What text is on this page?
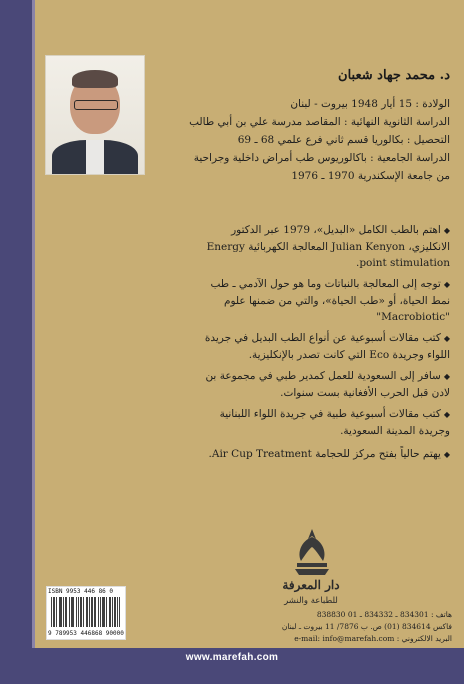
د. محمد جهاد شعبان
الولادة : 15 أيار 1948 بيروت - لبنان
الدراسة الثانوية النهائية : المقاصد مدرسة علي بن أبي طالب
التحصيل : بكالوريا قسم ثاني فرع علمي 68 ـ 69
الدراسة الجامعية : باكالوريوس طب أمراض داخلية وجراحية
من جامعة الإسكندرية 1970 ـ 1976
◆اهتم بالطب الكامل «البديل»، 1979 عبر الدكتور الانكليزي، Julian Kenyon المعالجة الكهربائية Energy point stimulation.
◆توجه إلى المعالجة بالنباتات وما هو حول الآدمي ـ طب نمط الحياة، أو «طب الحياة»، والتي من ضمنها علوم "Macrobiotic"
◆كتب مقالات أسبوعية عن أنواع الطب البديل في جريدة اللواء وجريدة Eco التي كانت تصدر بالإنكليزية.
◆سافر إلى السعودية للعمل كمدير طبي في مجموعة بن لادن قبل الحرب الأفغانية بست سنوات.
◆كتب مقالات أسبوعية طبية في جريدة اللواء اللبنانية وجريدة المدينة السعودية.
◆يهتم حالياً بفتح مركز للحجامة Air Cup Treatment.
دار المعرفة
للطباعة والنشر
هاتف : 834301 ـ 834332 ـ 01 838830
فاكس 834614 (01) ص. ب 7876/ 11 بيروت ـ لبنان
البريد الالكتروني : e-mail: info@marefah.com
ISBN 9953 446 86 0
9 789953 446868 90000
www.marefah.com
